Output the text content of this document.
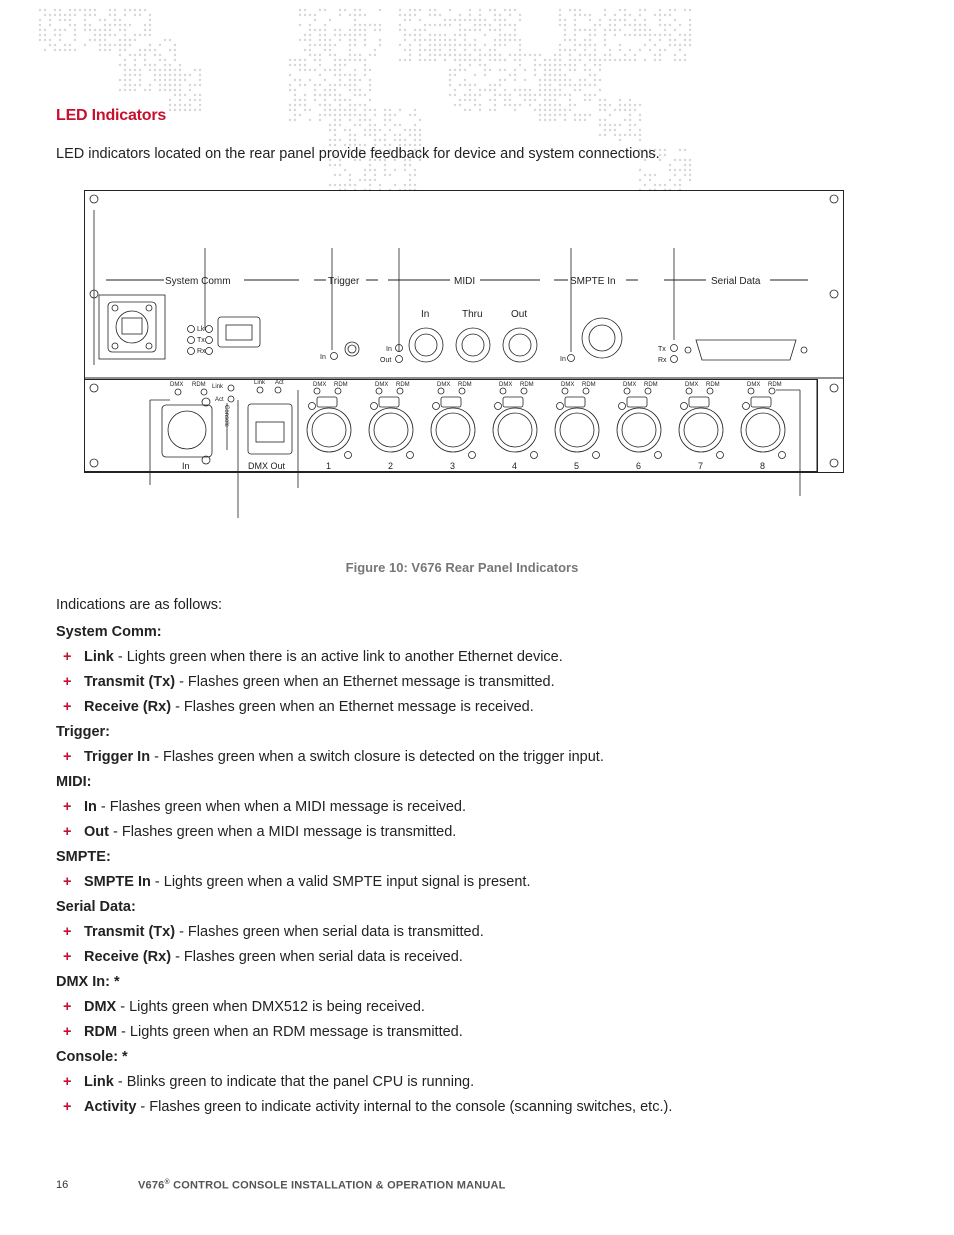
LED Indicators
LED indicators located on the rear panel provide feedback for device and system connections.
System Comm	Trigger	MIDI	SMPTE In	Serial Data
Lk
Tx
Rx
In
In
Out
In	Thru	Out
In
Tx
Rx
DMX RDM Link
Act
Link Act
Console
In	DMX Out
DMX RDM
1
DMX RDM
2
DMX RDM
3
DMX RDM
4
DMX RDM
5
DMX RDM
6
DMX RDM
7
DMX RDM
8
Figure 10: V676 Rear Panel Indicators
Indications are as follows:
System Comm:
+ Link - Lights green when there is an active link to another Ethernet device.
+ Transmit (Tx) - Flashes green when an Ethernet message is transmitted.
+ Receive (Rx) - Flashes green when an Ethernet message is received.
Trigger:
+ Trigger In - Flashes green when a switch closure is detected on the trigger input.
MIDI:
+ In - Flashes green when when a MIDI message is received.
+ Out - Flashes green when a MIDI message is transmitted.
SMPTE:
+ SMPTE In - Lights green when a valid SMPTE input signal is present.
Serial Data:
+ Transmit (Tx) - Flashes green when serial data is transmitted.
+ Receive (Rx) - Flashes green when serial data is received.
DMX In: *
+ DMX - Lights green when DMX512 is being received.
+ RDM - Lights green when an RDM message is transmitted.
Console: *
+ Link - Blinks green to indicate that the panel CPU is running.
+ Activity - Flashes green to indicate activity internal to the console (scanning switches, etc.).
16	V676® CONTROL CONSOLE INSTALLATION & OPERATION MANUAL
